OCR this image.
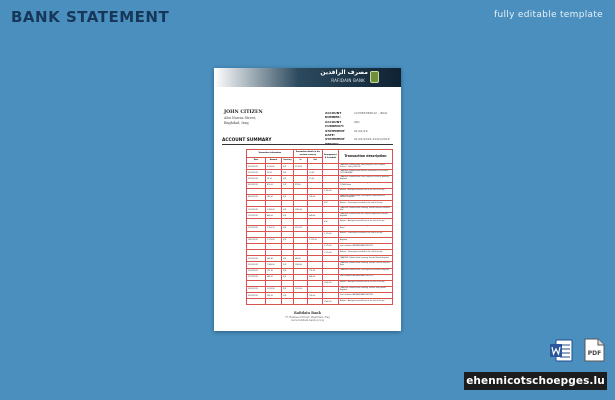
BANK STATEMENT	fully editable template
مصرف الرافدين
RAFIDAIN BANK
JOHN CITIZEN
Abu Nawas Street,
Baghdad, Iraq
ACCOUNT NUMBER:
123456789012 - IRAQ
ACCOUNT CURRENCY:
IQD
STATEMENT DATE:
01/01/19
STATEMENT	01/01/2019-31/01/2019
ACCOUNT SUMMARY
Transaction Information			Transaction details in the account currency		Arrangement & Overdraft	Transaction description
Date	Amount	Currency	In	Out		
01/01/2019	3,130.00	IQD	3,130.00			TRANSFER: Rafidain Bank Salary Payment Direct Deposit Division - Salary 0001234
02/01/2019	25.00	IQD		25.00		TRANSFER: Rafidain Bank Account Maintenance Fee January 2019 BAGHDAD
03/01/2019	15.50	IQD		15.50		TRANSFER: Rafidain Bank Utility Payment Electricity Authority Baghdad
05/01/2019	475.00	IQD	475.00			TRANSFER: Rafidain Bank Incoming Transfer From Account 123456 Basra
					1,700.00	Balance - Arranged overdraft limit at the end of the day
08/01/2019	185.00	IQD		185.00		TRANSFER: Rafidain Bank Card Payment Supermarket Al Mansour Baghdad
					0.00	Balance - Unarranged overdraft at the end of the day
10/01/2019	1,965.00	IQD	1,965.00			TRANSFER: Rafidain Bank Incoming Transfer Business Payment Erbil
12/01/2019	480.00	IQD		480.00		TRANSFER: Rafidain Bank Rent Payment Apartment Karrada Baghdad
					0.00	Balance - Arranged overdraft limit at the end of the day
15/01/2019	2,155.70	IQD	2,155.70			TRANSFER: Rafidain Bank Incoming Transfer Family Support Mosul
					1,175.00	Balance - Unarranged overdraft at the end of the day
18/01/2019	1,175.00	IQD		1,175.00		TRANSFER: Rafidain Bank Vehicle Purchase Installment Baghdad
					1,175.00	Loan to Banker RAFIDAIN BANK DEPOSITS
					1,175.00	Balance - Unarranged overdraft at the end of the day
20/01/2019	385.40	IQD	385.40			TRANSFER: Rafidain Bank Incoming Transfer Refund Baghdad
22/01/2019	1,960.00	IQD	1,960.00			TRANSFER: Rafidain Bank Incoming Transfer Contract Payment Najaf
25/01/2019	131.30	IQD		131.30		TRANSFER: Rafidain Bank Card Payment Restaurant Baghdad
27/01/2019	485.00	IQD		485.00		Loan to Banker RAFIDAIN BANK DEPOSITS
					1,500.00	Balance - Arranged overdraft limit at the end of the day
29/01/2019	1,015.00	IQD	1,015.00			TRANSFER: Rafidain Bank Incoming Transfer Salary Bonus Baghdad
30/01/2019	295.00	IQD		295.00		Loan to Banker RAFIDAIN BANK DEPOSITS
					1,500.00	Balance - Arranged overdraft limit at the end of the day
Rafidain Bank
57 Rasheed Street, Baghdad, Iraq
www.rafidain-bank.gov.iq
PDF
ehennicotschoepges.lu
